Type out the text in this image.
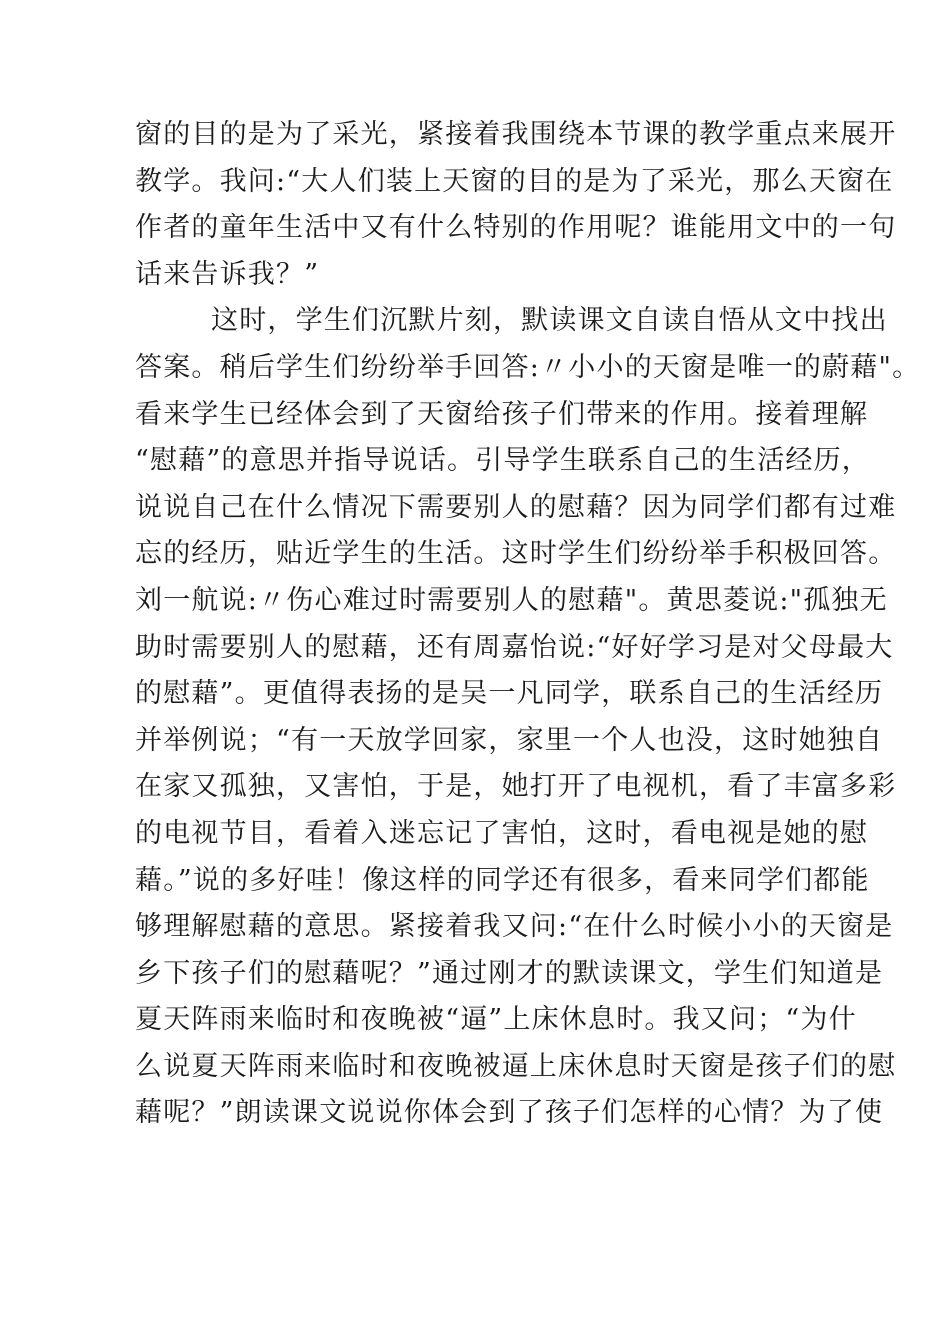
窗的目的是为了采光，紧接着我围绕本节课的教学重点来展开
教学。我问:“大人们装上天窗的目的是为了采光，那么天窗在
作者的童年生活中又有什么特别的作用呢？谁能用文中的一句
话来告诉我？”
这时，学生们沉默片刻，默读课文自读自悟从文中找出
答案。稍后学生们纷纷举手回答:〃小小的天窗是唯一的蔚藉"。
看来学生已经体会到了天窗给孩子们带来的作用。接着理解
“慰藉”的意思并指导说话。引导学生联系自己的生活经历，
说说自己在什么情况下需要别人的慰藉？因为同学们都有过难
忘的经历，贴近学生的生活。这时学生们纷纷举手积极回答。
刘一航说:〃伤心难过时需要别人的慰藉"。黄思菱说:"孤独无
助时需要别人的慰藉，还有周嘉怡说:“好好学习是对父母最大
的慰藉”。更值得表扬的是吴一凡同学，联系自己的生活经历
并举例说；“有一天放学回家，家里一个人也没，这时她独自
在家又孤独，又害怕，于是，她打开了电视机，看了丰富多彩
的电视节目，看着入迷忘记了害怕，这时，看电视是她的慰
藉。”说的多好哇！像这样的同学还有很多，看来同学们都能
够理解慰藉的意思。紧接着我又问:“在什么时候小小的天窗是
乡下孩子们的慰藉呢？”通过刚才的默读课文，学生们知道是
夏天阵雨来临时和夜晚被“逼”上床休息时。我又问；“为什
么说夏天阵雨来临时和夜晚被逼上床休息时天窗是孩子们的慰
藉呢？”朗读课文说说你体会到了孩子们怎样的心情？为了使
